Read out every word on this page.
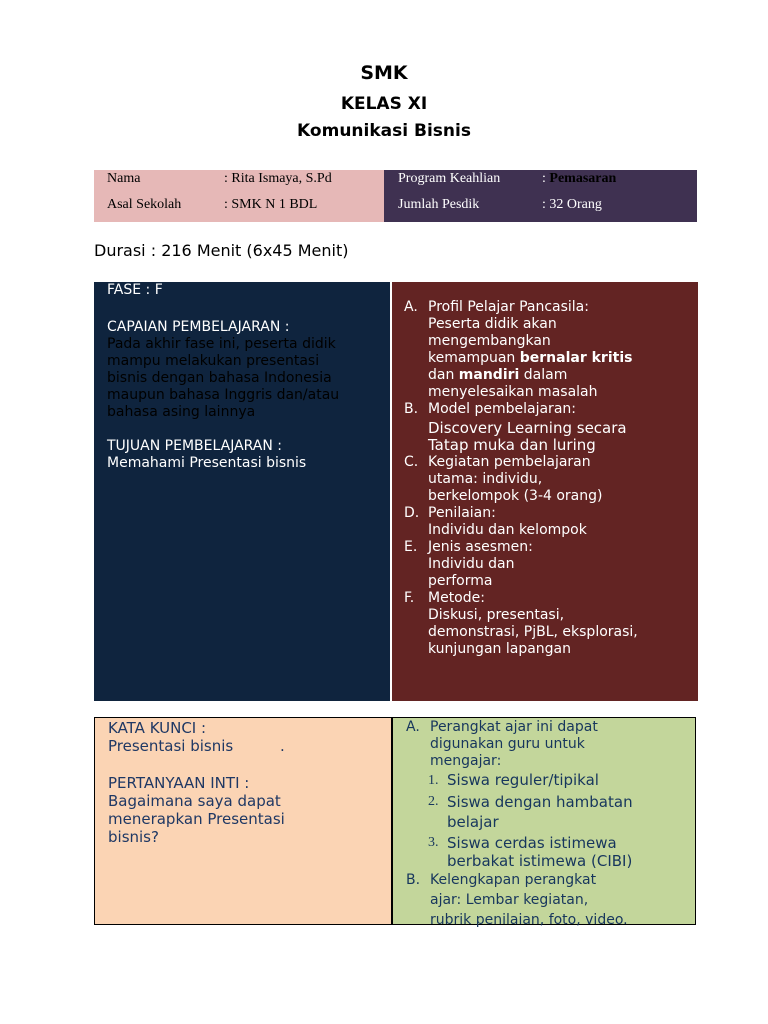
SMK
KELAS XI
Komunikasi Bisnis
Nama	: Rita Ismaya, S.Pd
Asal Sekolah	: SMK N 1 BDL
Program Keahlian	: Pemasaran
Jumlah Pesdik	: 32 Orang
Durasi : 216 Menit (6x45 Menit)
FASE : F
CAPAIAN PEMBELAJARAN :
Pada akhir fase ini, peserta didik
mampu melakukan presentasi
bisnis dengan bahasa Indonesia
maupun bahasa Inggris dan/atau
bahasa asing lainnya
TUJUAN PEMBELAJARAN :
Memahami Presentasi bisnis
A. Profil Pelajar Pancasila:
Peserta didik akan
mengembangkan
kemampuan bernalar kritis
dan mandiri dalam
menyelesaikan masalah
B. Model pembelajaran:
Discovery Learning secara
Tatap muka dan luring
C. Kegiatan pembelajaran
utama: individu,
berkelompok (3-4 orang)
D. Penilaian:
Individu dan kelompok
E. Jenis asesmen:
Individu dan
performa
F. Metode:
Diskusi, presentasi,
demonstrasi, PjBL, eksplorasi,
kunjungan lapangan
KATA KUNCI :
Presentasi bisnis	.
PERTANYAAN INTI :
Bagaimana saya dapat
menerapkan Presentasi
bisnis?
A. Perangkat ajar ini dapat
digunakan guru untuk
mengajar:
1. Siswa reguler/tipikal
2. Siswa dengan hambatan
belajar
3. Siswa cerdas istimewa
berbakat istimewa (CIBI)
B. Kelengkapan perangkat
ajar: Lembar kegiatan,
rubrik penilaian, foto, video.
